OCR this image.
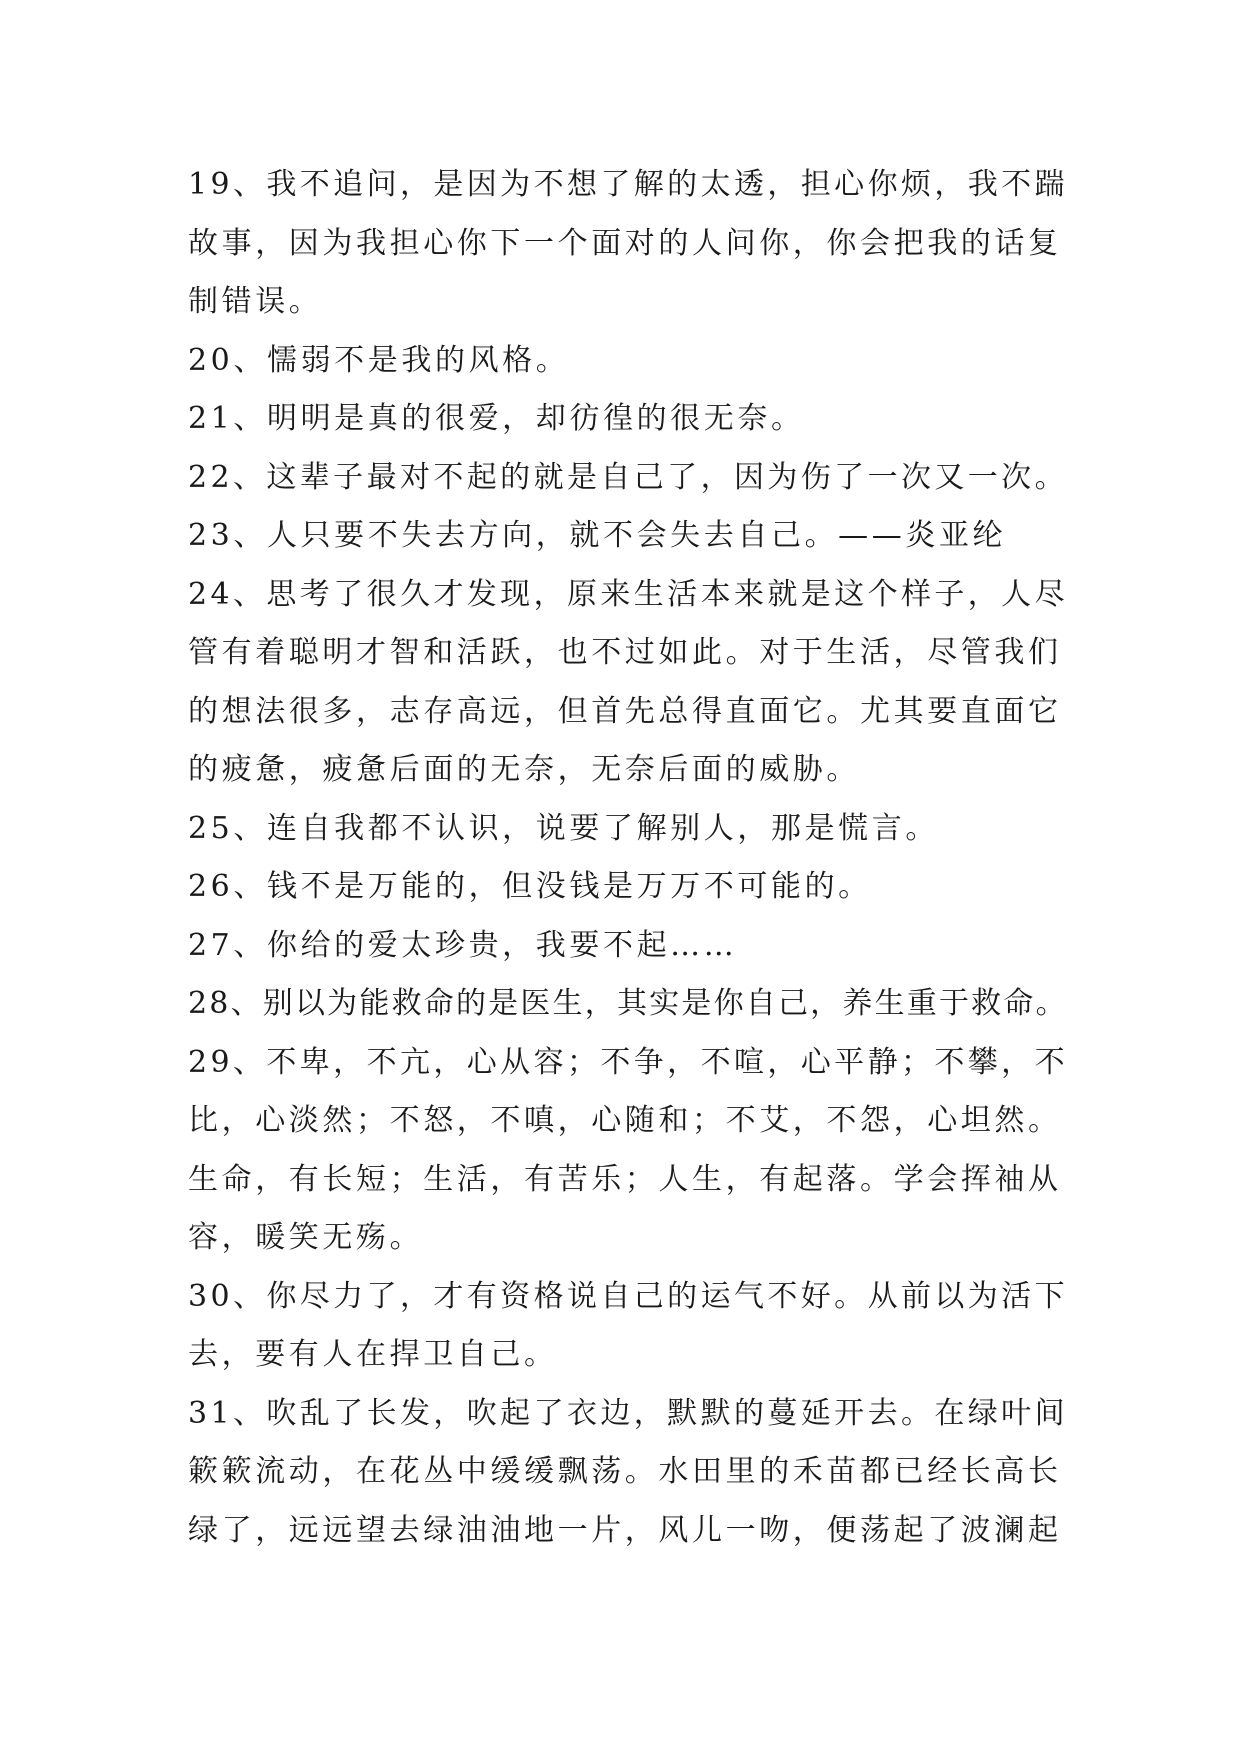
19、我不追问，是因为不想了解的太透，担心你烦，我不踹
故事，因为我担心你下一个面对的人问你，你会把我的话复
制错误。
20、懦弱不是我的风格。
21、明明是真的很爱，却彷徨的很无奈。
22、这辈子最对不起的就是自己了，因为伤了一次又一次。
23、人只要不失去方向，就不会失去自己。——炎亚纶
24、思考了很久才发现，原来生活本来就是这个样子，人尽
管有着聪明才智和活跃，也不过如此。对于生活，尽管我们
的想法很多，志存高远，但首先总得直面它。尤其要直面它
的疲惫，疲惫后面的无奈，无奈后面的威胁。
25、连自我都不认识，说要了解别人，那是慌言。
26、钱不是万能的，但没钱是万万不可能的。
27、你给的爱太珍贵，我要不起……
28、别以为能救命的是医生，其实是你自己，养生重于救命。
29、不卑，不亢，心从容；不争，不喧，心平静；不攀，不
比，心淡然；不怒，不嗔，心随和；不艾，不怨，心坦然。
生命，有长短；生活，有苦乐；人生，有起落。学会挥袖从
容，暖笑无殇。
30、你尽力了，才有资格说自己的运气不好。从前以为活下
去，要有人在捍卫自己。
31、吹乱了长发，吹起了衣边，默默的蔓延开去。在绿叶间
簌簌流动，在花丛中缓缓飘荡。水田里的禾苗都已经长高长
绿了，远远望去绿油油地一片，风儿一吻，便荡起了波澜起
